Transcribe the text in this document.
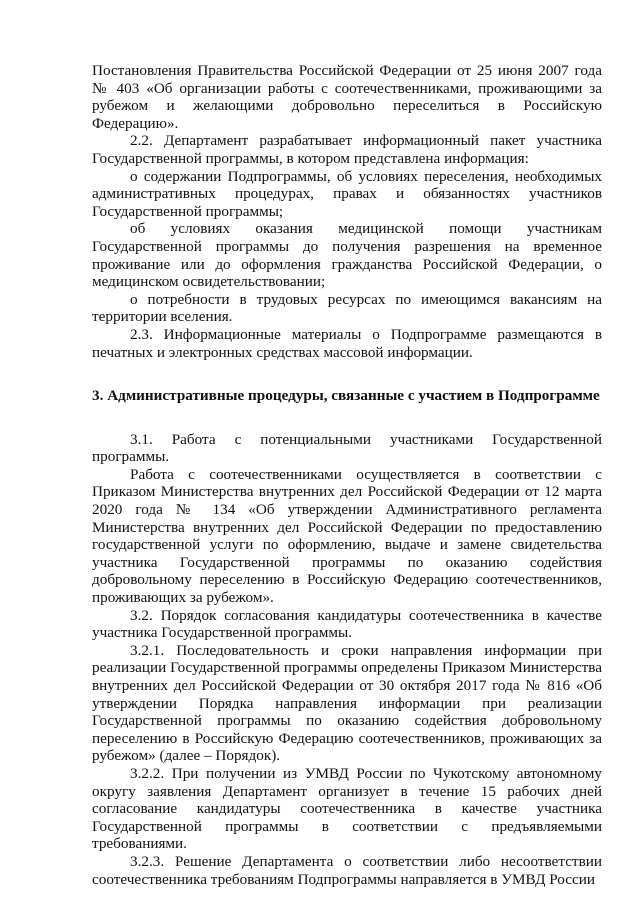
Постановления Правительства Российской Федерации от 25 июня 2007 года № 403 «Об организации работы с соотечественниками, проживающими за рубежом и желающими добровольно переселиться в Российскую Федерацию».

2.2. Департамент разрабатывает информационный пакет участника Государственной программы, в котором представлена информация:

о содержании Подпрограммы, об условиях переселения, необходимых административных процедурах, правах и обязанностях участников Государственной программы;

об условиях оказания медицинской помощи участникам Государственной программы до получения разрешения на временное проживание или до оформления гражданства Российской Федерации, о медицинском освидетельствовании;

о потребности в трудовых ресурсах по имеющимся вакансиям на территории вселения.

2.3. Информационные материалы о Подпрограмме размещаются в печатных и электронных средствах массовой информации.

3. Административные процедуры, связанные с участием в Подпрограмме

3.1. Работа с потенциальными участниками Государственной программы.

Работа с соотечественниками осуществляется в соответствии с Приказом Министерства внутренних дел Российской Федерации от 12 марта 2020 года № 134 «Об утверждении Административного регламента Министерства внутренних дел Российской Федерации по предоставлению государственной услуги по оформлению, выдаче и замене свидетельства участника Государственной программы по оказанию содействия добровольному переселению в Российскую Федерацию соотечественников, проживающих за рубежом».

3.2. Порядок согласования кандидатуры соотечественника в качестве участника Государственной программы.

3.2.1. Последовательность и сроки направления информации при реализации Государственной программы определены Приказом Министерства внутренних дел Российской Федерации от 30 октября 2017 года № 816 «Об утверждении Порядка направления информации при реализации Государственной программы по оказанию содействия добровольному переселению в Российскую Федерацию соотечественников, проживающих за рубежом» (далее – Порядок).

3.2.2. При получении из УМВД России по Чукотскому автономному округу заявления Департамент организует в течение 15 рабочих дней согласование кандидатуры соотечественника в качестве участника Государственной программы в соответствии с предъявляемыми требованиями.

3.2.3. Решение Департамента о соответствии либо несоответствии соотечественника требованиям Подпрограммы направляется в УМВД России
